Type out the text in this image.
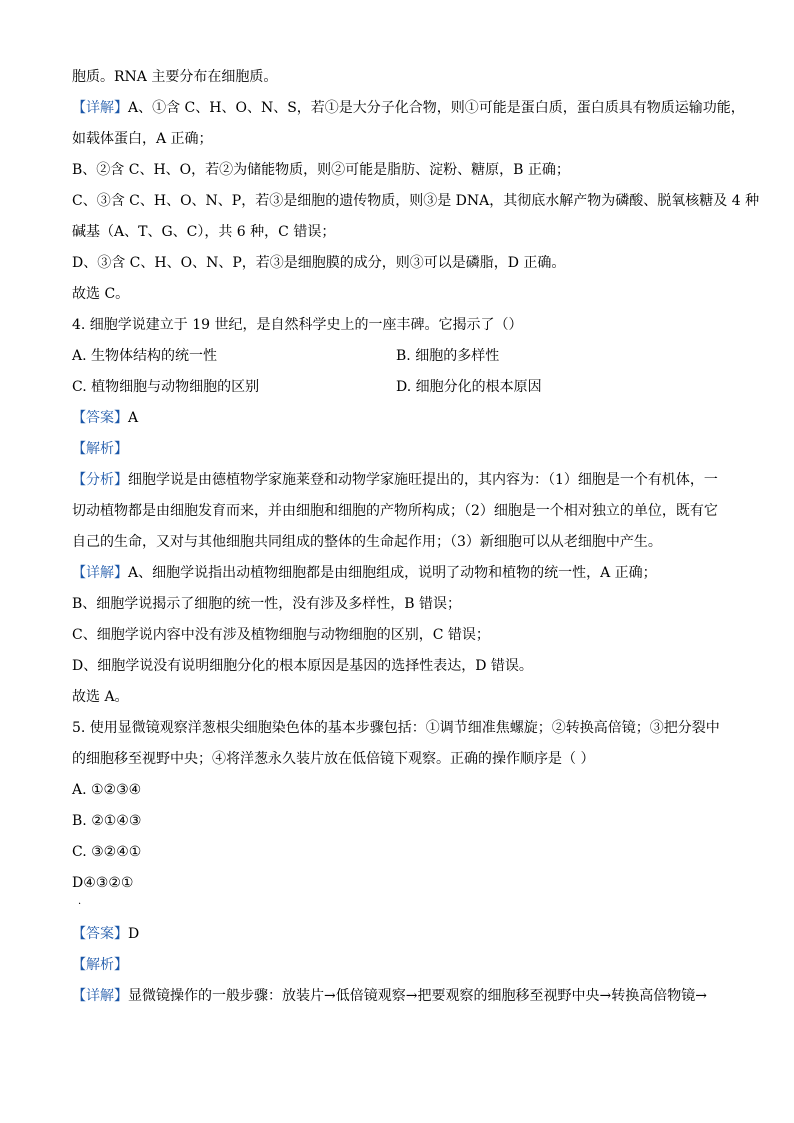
胞质。RNA 主要分布在细胞质。
【详解】A、①含 C、H、O、N、S，若①是大分子化合物，则①可能是蛋白质，蛋白质具有物质运输功能，
如载体蛋白，A 正确；
B、②含 C、H、O，若②为储能物质，则②可能是脂肪、淀粉、糖原，B 正确；
C、③含 C、H、O、N、P，若③是细胞的遗传物质，则③是 DNA，其彻底水解产物为磷酸、脱氧核糖及 4 种
碱基（A、T、G、C），共 6 种，C 错误；
D、③含 C、H、O、N、P，若③是细胞膜的成分，则③可以是磷脂，D 正确。
故选 C。
4. 细胞学说建立于 19 世纪，是自然科学史上的一座丰碑。它揭示了（）
A. 生物体结构的统一性	B. 细胞的多样性
C. 植物细胞与动物细胞的区别	D. 细胞分化的根本原因
【答案】A
【解析】
【分析】细胞学说是由德植物学家施莱登和动物学家施旺提出的，其内容为：（1）细胞是一个有机体，一
切动植物都是由细胞发育而来，并由细胞和细胞的产物所构成；（2）细胞是一个相对独立的单位，既有它
自己的生命，又对与其他细胞共同组成的整体的生命起作用；（3）新细胞可以从老细胞中产生。
【详解】A、细胞学说指出动植物细胞都是由细胞组成，说明了动物和植物的统一性，A 正确；
B、细胞学说揭示了细胞的统一性，没有涉及多样性，B 错误；
C、细胞学说内容中没有涉及植物细胞与动物细胞的区别，C 错误；
D、细胞学说没有说明细胞分化的根本原因是基因的选择性表达，D 错误。
故选 A。
5. 使用显微镜观察洋葱根尖细胞染色体的基本步骤包括：①调节细准焦螺旋；②转换高倍镜；③把分裂中
的细胞移至视野中央；④将洋葱永久装片放在低倍镜下观察。正确的操作顺序是（ ）
A. ①②③④
B. ②①④③
C. ③②④①
D④③②①
·
【答案】D
【解析】
【详解】显微镜操作的一般步骤：放装片→低倍镜观察→把要观察的细胞移至视野中央→转换高倍物镜→
